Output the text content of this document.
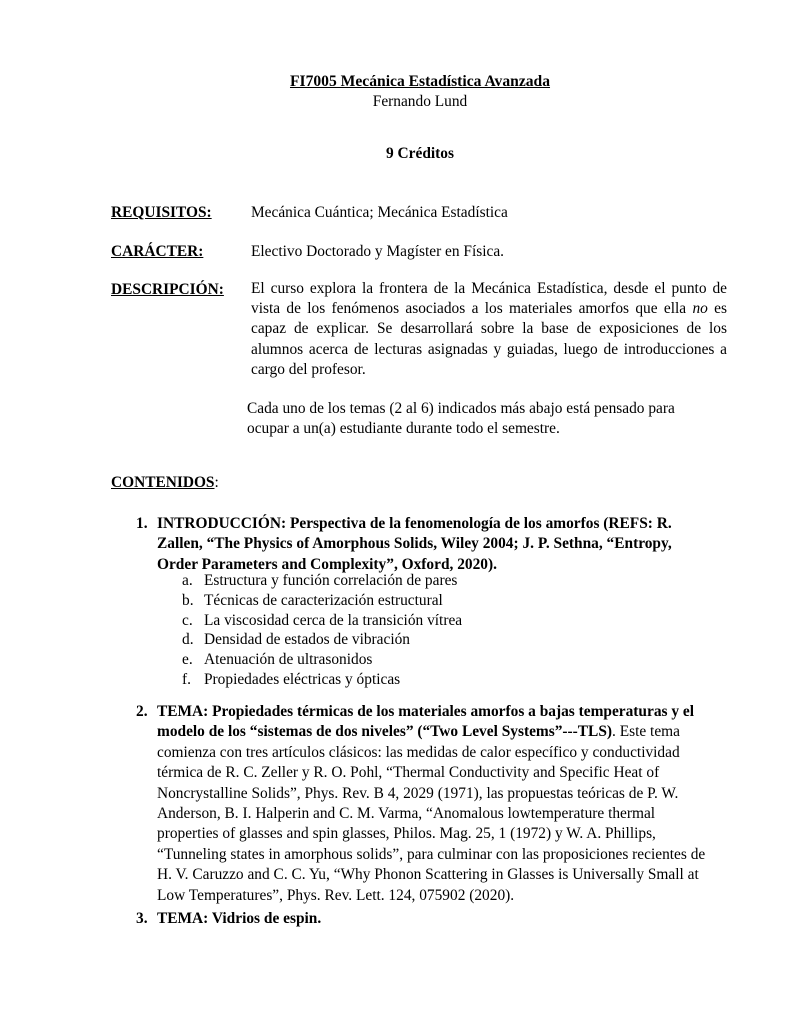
FI7005 Mecánica Estadística Avanzada
Fernando Lund
9 Créditos
REQUISITOS:	Mecánica Cuántica; Mecánica Estadística
CARÁCTER:	Electivo Doctorado y Magíster en Física.
DESCRIPCIÓN: El curso explora la frontera de la Mecánica Estadística, desde el punto de vista de los fenómenos asociados a los materiales amorfos que ella no es capaz de explicar. Se desarrollará sobre la base de exposiciones de los alumnos acerca de lecturas asignadas y guiadas, luego de introducciones a cargo del profesor.
Cada uno de los temas (2 al 6) indicados más abajo está pensado para
ocupar a un(a) estudiante durante todo el semestre.
CONTENIDOS:
1. INTRODUCCIÓN: Perspectiva de la fenomenología de los amorfos (REFS: R.
Zallen, “The Physics of Amorphous Solids, Wiley 2004; J. P. Sethna, “Entropy,
Order Parameters and Complexity”, Oxford, 2020).
a. Estructura y función correlación de pares
b. Técnicas de caracterización estructural
c. La viscosidad cerca de la transición vítrea
d. Densidad de estados de vibración
e. Atenuación de ultrasonidos
f. Propiedades eléctricas y ópticas
2. TEMA: Propiedades térmicas de los materiales amorfos a bajas temperaturas y el
modelo de los “sistemas de dos niveles” (“Two Level Systems”---TLS). Este tema
comienza con tres artículos clásicos: las medidas de calor específico y conductividad
térmica de R. C. Zeller y R. O. Pohl, “Thermal Conductivity and Specific Heat of
Noncrystalline Solids”, Phys. Rev. B 4, 2029 (1971), las propuestas teóricas de P. W.
Anderson, B. I. Halperin and C. M. Varma, “Anomalous lowtemperature thermal
properties of glasses and spin glasses, Philos. Mag. 25, 1 (1972) y W. A. Phillips,
“Tunneling states in amorphous solids”, para culminar con las proposiciones recientes de
H. V. Caruzzo and C. C. Yu, “Why Phonon Scattering in Glasses is Universally Small at
Low Temperatures”, Phys. Rev. Lett. 124, 075902 (2020).
3. TEMA: Vidrios de espin.
